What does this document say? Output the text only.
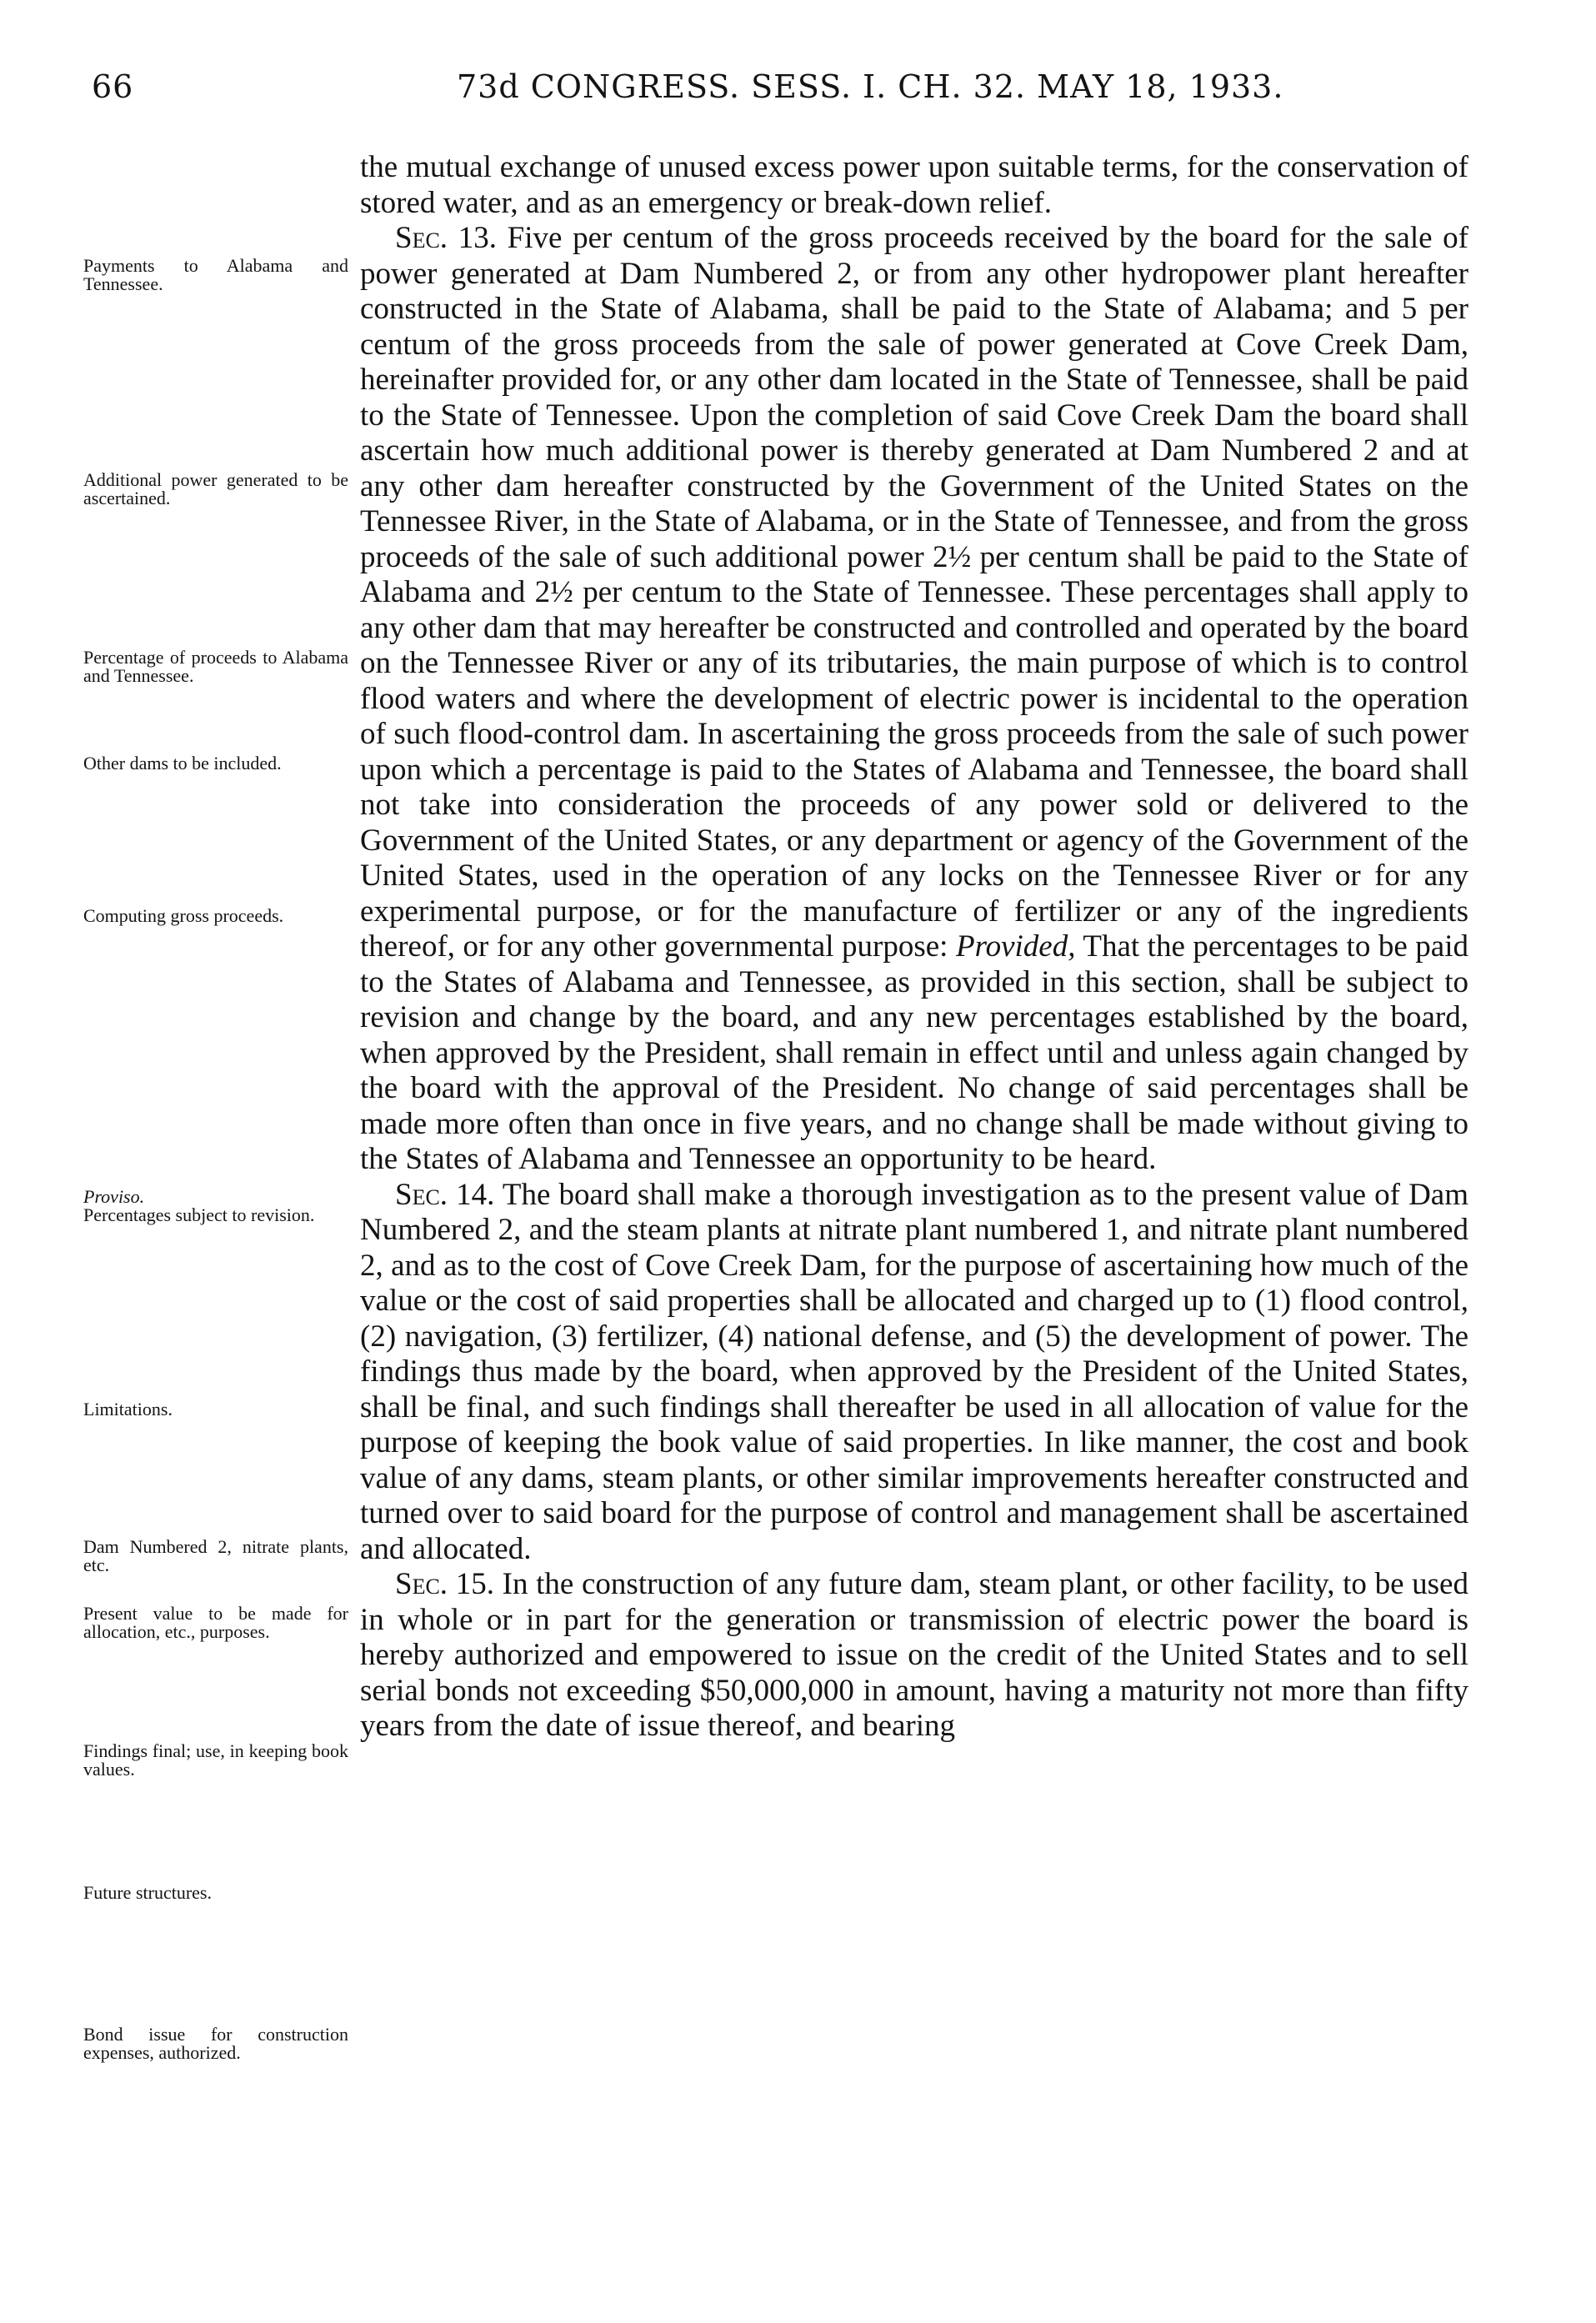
66	73d CONGRESS. SESS. I. CH. 32. MAY 18, 1933.
Payments to Alabama and Tennessee.
Additional power generated to be ascertained.
Percentage of proceeds to Alabama and Tennessee.
Other dams to be included.
Computing gross proceeds.
Proviso.
Percentages subject to revision.
Limitations.
Dam Numbered 2, nitrate plants, etc.
Present value to be made for allocation, etc., purposes.
Findings final; use, in keeping book values.
Future structures.
Bond issue for construction expenses, authorized.

the mutual exchange of unused excess power upon suitable terms, for the conservation of stored water, and as an emergency or break-down relief.

Sec. 13. Five per centum of the gross proceeds received by the board for the sale of power generated at Dam Numbered 2, or from any other hydropower plant hereafter constructed in the State of Alabama, shall be paid to the State of Alabama; and 5 per centum of the gross proceeds from the sale of power generated at Cove Creek Dam, hereinafter provided for, or any other dam located in the State of Tennessee, shall be paid to the State of Tennessee. Upon the completion of said Cove Creek Dam the board shall ascertain how much additional power is thereby generated at Dam Numbered 2 and at any other dam hereafter constructed by the Government of the United States on the Tennessee River, in the State of Alabama, or in the State of Tennessee, and from the gross proceeds of the sale of such additional power 2½ per centum shall be paid to the State of Alabama and 2½ per centum to the State of Tennessee. These percentages shall apply to any other dam that may hereafter be constructed and controlled and operated by the board on the Tennessee River or any of its tributaries, the main purpose of which is to control flood waters and where the development of electric power is incidental to the operation of such flood-control dam. In ascertaining the gross proceeds from the sale of such power upon which a percentage is paid to the States of Alabama and Tennessee, the board shall not take into consideration the proceeds of any power sold or delivered to the Government of the United States, or any department or agency of the Government of the United States, used in the operation of any locks on the Tennessee River or for any experimental purpose, or for the manufacture of fertilizer or any of the ingredients thereof, or for any other governmental purpose: Provided, That the percentages to be paid to the States of Alabama and Tennessee, as provided in this section, shall be subject to revision and change by the board, and any new percentages established by the board, when approved by the President, shall remain in effect until and unless again changed by the board with the approval of the President. No change of said percentages shall be made more often than once in five years, and no change shall be made without giving to the States of Alabama and Tennessee an opportunity to be heard.

Sec. 14. The board shall make a thorough investigation as to the present value of Dam Numbered 2, and the steam plants at nitrate plant numbered 1, and nitrate plant numbered 2, and as to the cost of Cove Creek Dam, for the purpose of ascertaining how much of the value or the cost of said properties shall be allocated and charged up to (1) flood control, (2) navigation, (3) fertilizer, (4) national defense, and (5) the development of power. The findings thus made by the board, when approved by the President of the United States, shall be final, and such findings shall thereafter be used in all allocation of value for the purpose of keeping the book value of said properties. In like manner, the cost and book value of any dams, steam plants, or other similar improvements hereafter constructed and turned over to said board for the purpose of control and management shall be ascertained and allocated.

Sec. 15. In the construction of any future dam, steam plant, or other facility, to be used in whole or in part for the generation or transmission of electric power the board is hereby authorized and empowered to issue on the credit of the United States and to sell serial bonds not exceeding $50,000,000 in amount, having a maturity not more than fifty years from the date of issue thereof, and bearing
